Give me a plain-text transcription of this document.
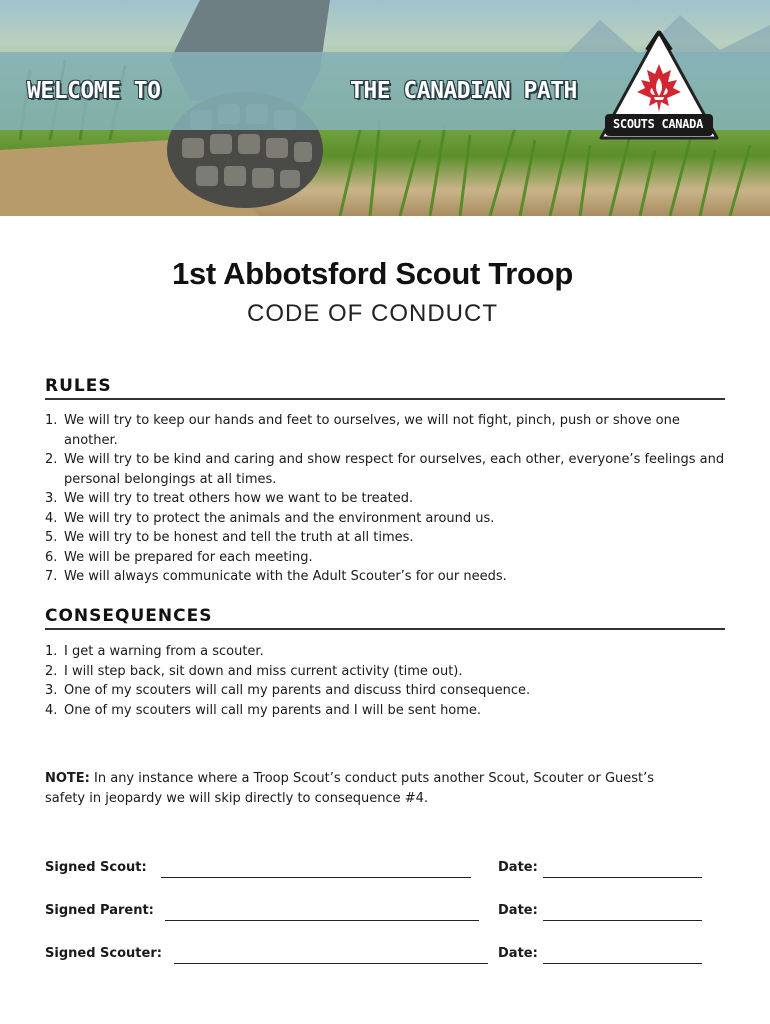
WELCOME TO	THE CANADIAN PATH
SCOUTS CANADA
1st Abbotsford Scout Troop
CODE OF CONDUCT
RULES
1. We will try to keep our hands and feet to ourselves, we will not fight, pinch, push or shove one another.
2. We will try to be kind and caring and show respect for ourselves, each other, everyone’s feelings and personal belongings at all times.
3. We will try to treat others how we want to be treated.
4. We will try to protect the animals and the environment around us.
5. We will try to be honest and tell the truth at all times.
6. We will be prepared for each meeting.
7. We will always communicate with the Adult Scouter’s for our needs.
CONSEQUENCES
1. I get a warning from a scouter.
2. I will step back, sit down and miss current activity (time out).
3. One of my scouters will call my parents and discuss third consequence.
4. One of my scouters will call my parents and I will be sent home.

NOTE: In any instance where a Troop Scout’s conduct puts another Scout, Scouter or Guest’s safety in jeopardy we will skip directly to consequence #4.

Signed Scout:	Date:
Signed Parent:	Date:
Signed Scouter:	Date:
